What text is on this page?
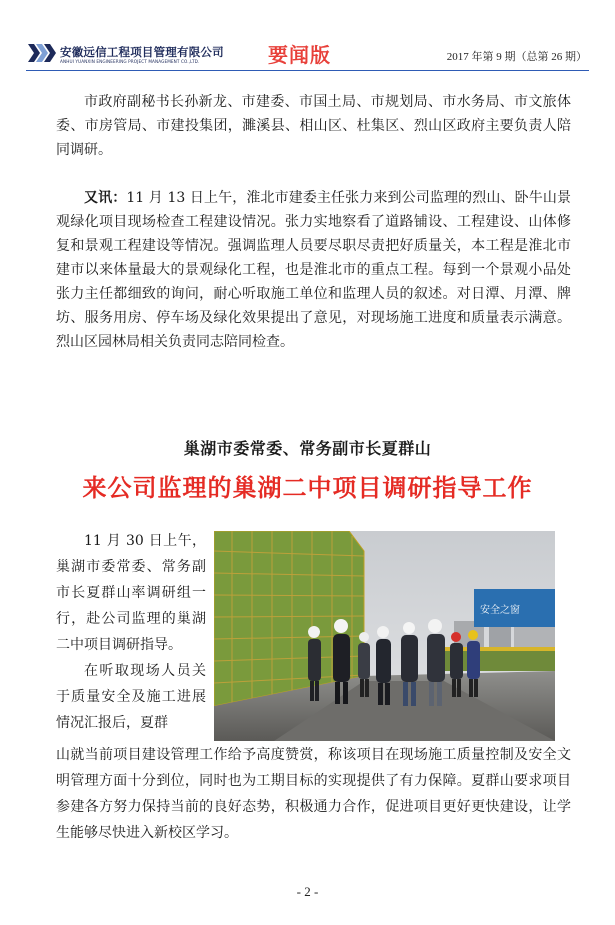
安徽远信工程项目管理有限公司
ANHUI YUANXIN ENGINEERING PROJECT MANAGEMENT CO.,LTD.	要闻版	2017 年第 9 期（总第 26 期）

市政府副秘书长孙新龙、市建委、市国土局、市规划局、市水务局、市文旅体委、市房管局、市建投集团，濉溪县、相山区、杜集区、烈山区政府主要负责人陪同调研。

又讯：11 月 13 日上午，淮北市建委主任张力来到公司监理的烈山、卧牛山景观绿化项目现场检查工程建设情况。张力实地察看了道路铺设、工程建设、山体修复和景观工程建设等情况。强调监理人员要尽职尽责把好质量关，本工程是淮北市建市以来体量最大的景观绿化工程，也是淮北市的重点工程。每到一个景观小品处张力主任都细致的询问，耐心听取施工单位和监理人员的叙述。对日潭、月潭、牌坊、服务用房、停车场及绿化效果提出了意见，对现场施工进度和质量表示满意。烈山区园林局相关负责同志陪同检查。

巢湖市委常委、常务副市长夏群山
来公司监理的巢湖二中项目调研指导工作

11 月 30 日上午，巢湖市委常委、常务副市长夏群山率调研组一行，赴公司监理的巢湖二中项目调研指导。

在听取现场人员关于质量安全及施工进展情况汇报后，夏群

安全之窗

山就当前项目建设管理工作给予高度赞赏，称该项目在现场施工质量控制及安全文明管理方面十分到位，同时也为工期目标的实现提供了有力保障。夏群山要求项目参建各方努力保持当前的良好态势，积极通力合作，促进项目更好更快建设，让学生能够尽快进入新校区学习。

- 2 -
